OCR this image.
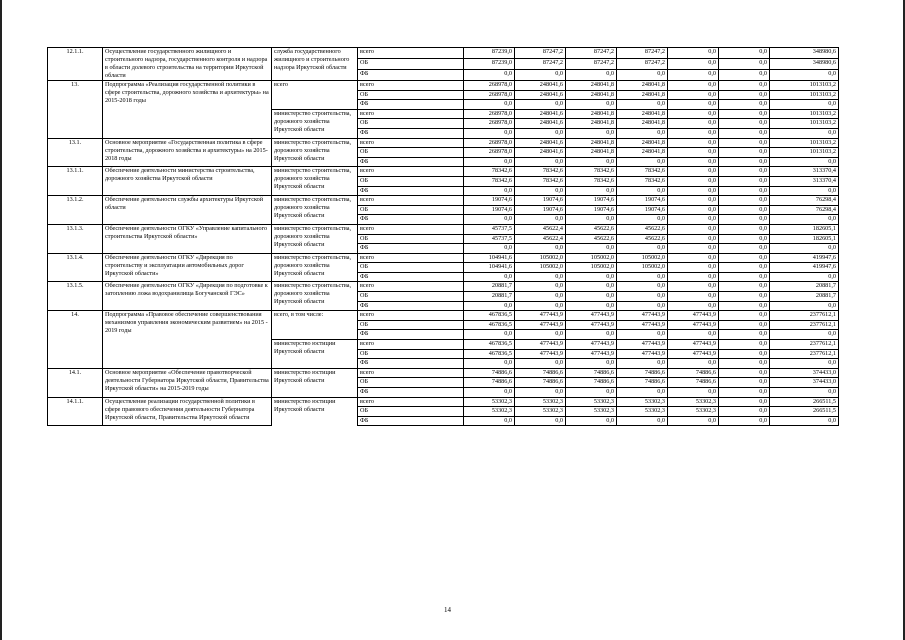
12.1.1.	Осуществление государственного жилищного и строительного надзора, государственного контроля и надзора в области долевого строительства на территории Иркутской области	служба государственного жилищного и строительного надзора Иркутской области	всего	87239,0	87247,2	87247,2	87247,2	0,0	0,0	348980,6
			ОБ	87239,0	87247,2	87247,2	87247,2	0,0	0,0	348980,6
			ФБ	0,0	0,0	0,0	0,0	0,0	0,0	0,0
13.	Подпрограмма «Реализация государственной политики в сфере строительства, дорожного хозяйства и архитектуры» на 2015-2018 годы	всего	всего	268978,0	248041,6	248041,8	248041,8	0,0	0,0	1013103,2
			ОБ	268978,0	248041,6	248041,8	248041,8	0,0	0,0	1013103,2
			ФБ	0,0	0,0	0,0	0,0	0,0	0,0	0,0
		министерство строительства, дорожного хозяйства Иркутской области	всего	268978,0	248041,6	248041,8	248041,8	0,0	0,0	1013103,2
			ОБ	268978,0	248041,6	248041,8	248041,8	0,0	0,0	1013103,2
			ФБ	0,0	0,0	0,0	0,0	0,0	0,0	0,0
13.1.	Основное мероприятие «Государственная политика в сфере строительства, дорожного хозяйства и архитектуры» на 2015-2018 годы	министерство строительства, дорожного хозяйства Иркутской области	всего	268978,0	248041,6	248041,8	248041,8	0,0	0,0	1013103,2
			ОБ	268978,0	248041,6	248041,8	248041,8	0,0	0,0	1013103,2
			ФБ	0,0	0,0	0,0	0,0	0,0	0,0	0,0
13.1.1.	Обеспечение деятельности министерства строительства, дорожного хозяйства Иркутской области	министерство строительства, дорожного хозяйства Иркутской области	всего	78342,6	78342,6	78342,6	78342,6	0,0	0,0	313370,4
			ОБ	78342,6	78342,6	78342,6	78342,6	0,0	0,0	313370,4
			ФБ	0,0	0,0	0,0	0,0	0,0	0,0	0,0
13.1.2.	Обеспечение деятельности службы архитектуры Иркутской области	министерство строительства, дорожного хозяйства Иркутской области	всего	19074,6	19074,6	19074,6	19074,6	0,0	0,0	76298,4
			ОБ	19074,6	19074,6	19074,6	19074,6	0,0	0,0	76298,4
			ФБ	0,0	0,0	0,0	0,0	0,0	0,0	0,0
13.1.3.	Обеспечение деятельности ОГКУ «Управление капитального строительства Иркутской области»	министерство строительства, дорожного хозяйства Иркутской области	всего	45737,5	45622,4	45622,6	45622,6	0,0	0,0	182605,1
			ОБ	45737,5	45622,4	45622,6	45622,6	0,0	0,0	182605,1
			ФБ	0,0	0,0	0,0	0,0	0,0	0,0	0,0
13.1.4.	Обеспечение деятельности ОГКУ «Дирекция по строительству и эксплуатации автомобильных дорог Иркутской области»	министерство строительства, дорожного хозяйства Иркутской области	всего	104941,6	105002,0	105002,0	105002,0	0,0	0,0	419947,6
			ОБ	104941,6	105002,0	105002,0	105002,0	0,0	0,0	419947,6
			ФБ	0,0	0,0	0,0	0,0	0,0	0,0	0,0
13.1.5.	Обеспечение деятельности ОГКУ «Дирекция по подготовке к затоплению ложа водохранилища Богучанской ГЭС»	министерство строительства, дорожного хозяйства Иркутской области	всего	20881,7	0,0	0,0	0,0	0,0	0,0	20881,7
			ОБ	20881,7	0,0	0,0	0,0	0,0	0,0	20881,7
			ФБ	0,0	0,0	0,0	0,0	0,0	0,0	0,0
14.	Подпрограмма «Правовое обеспечение совершенствования механизмов управления экономическим развитием» на 2015 - 2019 годы	всего, в том числе:	всего	467836,5	477443,9	477443,9	477443,9	477443,9	0,0	2377612,1
			ОБ	467836,5	477443,9	477443,9	477443,9	477443,9	0,0	2377612,1
			ФБ	0,0	0,0	0,0	0,0	0,0	0,0	0,0
		министерство юстиции Иркутской области	всего	467836,5	477443,9	477443,9	477443,9	477443,9	0,0	2377612,1
			ОБ	467836,5	477443,9	477443,9	477443,9	477443,9	0,0	2377612,1
			ФБ	0,0	0,0	0,0	0,0	0,0	0,0	0,0
14.1.	Основное мероприятие «Обеспечение правотворческой деятельности Губернатора Иркутской области, Правительства Иркутской области» на 2015-2019 годы	министерство юстиции Иркутской области	всего	74886,6	74886,6	74886,6	74886,6	74886,6	0,0	374433,0
			ОБ	74886,6	74886,6	74886,6	74886,6	74886,6	0,0	374433,0
			ФБ	0,0	0,0	0,0	0,0	0,0	0,0	0,0
14.1.1.	Осуществление реализации государственной политики в сфере правового обеспечения деятельности Губернатора Иркутской области, Правительства Иркутской области	министерство юстиции Иркутской области	всего	53302,3	53302,3	53302,3	53302,3	53302,3	0,0	266511,5
			ОБ	53302,3	53302,3	53302,3	53302,3	53302,3	0,0	266511,5
			ФБ	0,0	0,0	0,0	0,0	0,0	0,0	0,0
14
